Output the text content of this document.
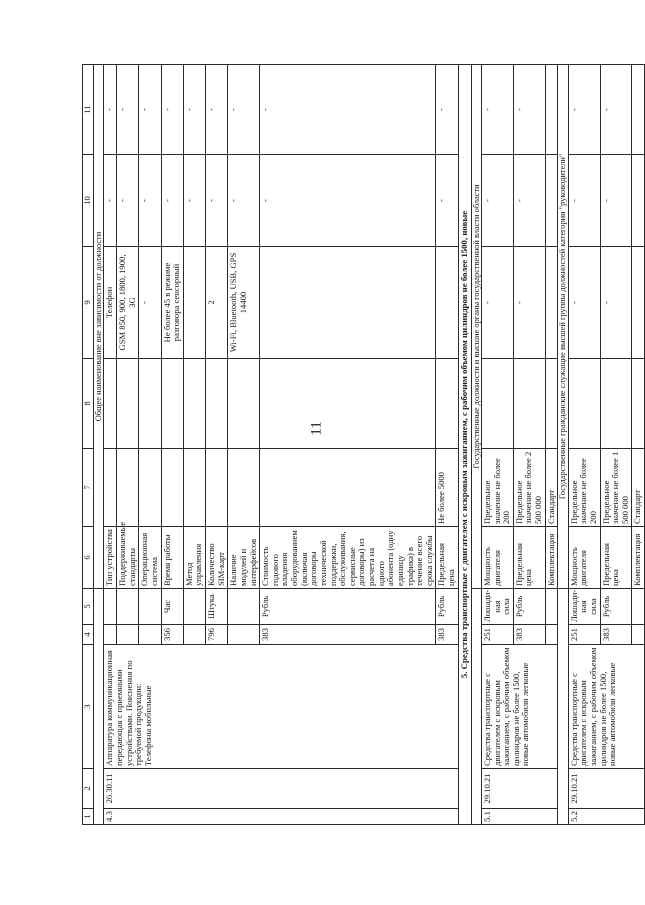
11
1	2	3	4	5	6	7	8	9	10	11
					Общее наименование вне зависимости от должности					
4.3	26.30.11	Аппаратура коммуникационная передающая с приемными устройствами. Пояснения по требуемой продукции: Телефоны мобильные			Тип устройства			Телефон	-	-
					Поддерживаемые стандарты			GSM 850, 900, 1800, 1900, 3G	-	-
					Операционная система			-	-	-
			356	Час	Время работы			Не более 45 в режиме разговора сенсорный	-	-
					Метод управления				-	-
			796	Штука	Количество SIM-карт			2	-	-
					Наличие модулей и интерфейсов			Wi-Fi, Bluetooth, USB, GPS 14400	-	-
			383	Рубль	Стоимость годового владения оборудованием (включая договоры технической поддержки, обслуживания, сервисные договоры) из расчета на одного абонента (одну единицу трафика) в течение всего срока службы				-	-
			383	Рубль	Предельная цена	Не более 5000			-	-
5. Средства транспортные с двигателем с искровым зажиганием, с рабочим объемом цилиндров не более 1500, новые										
					Государственные должности и высшие органы государственной власти области					
5.1	29.10.21	Средства транспортные с двигателем с искровым зажиганием, с рабочим объемом цилиндров не более 1500, новые автомобили легковые	251	Лошади-ная сила	Мощность двигателя	Предельное значение не более 200		-	-	-
			383	Рубль	Предельная цена	Предельное значение не более 2 500 000		-	-	-
					Комплектация	Стандарт				
					Государственные гражданские служащие высшей группы должностей категории "руководители"					
5.2	29.10.21	Средства транспортные с двигателем с искровым зажиганием, с рабочим объемом цилиндров не более 1500, новые автомобили легковые	251	Лошади-ная сила	Мощность двигателя	Предельное значение не более 200		-	-	-
			383	Рубль	Предельная цена	Предельное значение не более 1 500 000		-	-	-
					Комплектация	Стандарт				
